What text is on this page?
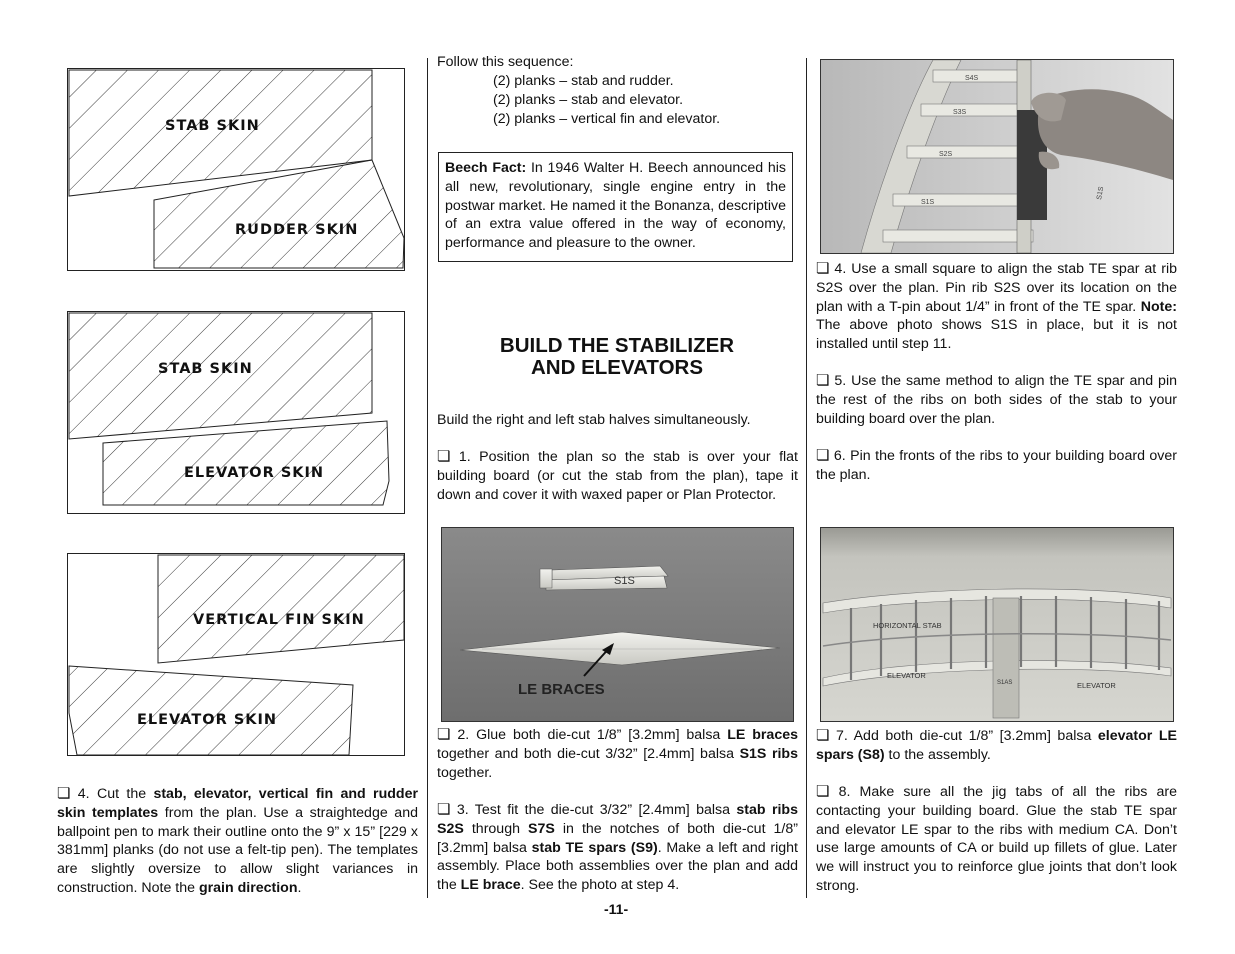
STAB SKIN
RUDDER SKIN
STAB SKIN
ELEVATOR SKIN
VERTICAL FIN SKIN
ELEVATOR SKIN
❏ 4. Cut the stab, elevator, vertical fin and rudder skin templates from the plan. Use a straightedge and ballpoint pen to mark their outline onto the 9” x 15” [229 x 381mm] planks (do not use a felt-tip pen). The templates are slightly oversize to allow slight variances in construction. Note the grain direction.
Follow this sequence:
(2) planks – stab and rudder.
(2) planks – stab and elevator.
(2) planks – vertical fin and elevator.
Beech Fact: In 1946 Walter H. Beech announced his all new, revolutionary, single engine entry in the postwar market. He named it the Bonanza, descriptive of an extra value offered in the way of economy, performance and pleasure to the owner.
BUILD THE STABILIZER
AND ELEVATORS
Build the right and left stab halves simultaneously.
❏ 1. Position the plan so the stab is over your flat building board (or cut the stab from the plan), tape it down and cover it with waxed paper or Plan Protector.
S1S
LE BRACES
❏ 2. Glue both die-cut 1/8” [3.2mm] balsa LE braces together and both die-cut 3/32” [2.4mm] balsa S1S ribs together.
❏ 3. Test fit the die-cut 3/32” [2.4mm] balsa stab ribs S2S through S7S in the notches of both die-cut 1/8” [3.2mm] balsa stab TE spars (S9). Make a left and right assembly. Place both assemblies over the plan and add the LE brace. See the photo at step 4.
-11-
S4S
S3S
S2S
S1S
S1S
❏ 4. Use a small square to align the stab TE spar at rib S2S over the plan. Pin rib S2S over its location on the plan with a T-pin about 1/4” in front of the TE spar. Note: The above photo shows S1S in place, but it is not installed until step 11.
❏ 5. Use the same method to align the TE spar and pin the rest of the ribs on both sides of the stab to your building board over the plan.
❏ 6. Pin the fronts of the ribs to your building board over the plan.
HORIZONTAL STAB
ELEVATOR
ELEVATOR
S1AS
❏ 7. Add both die-cut 1/8” [3.2mm] balsa elevator LE spars (S8) to the assembly.
❏ 8. Make sure all the jig tabs of all the ribs are contacting your building board. Glue the stab TE spar and elevator LE spar to the ribs with medium CA. Don’t use large amounts of CA or build up fillets of glue. Later we will instruct you to reinforce glue joints that don’t look strong.
